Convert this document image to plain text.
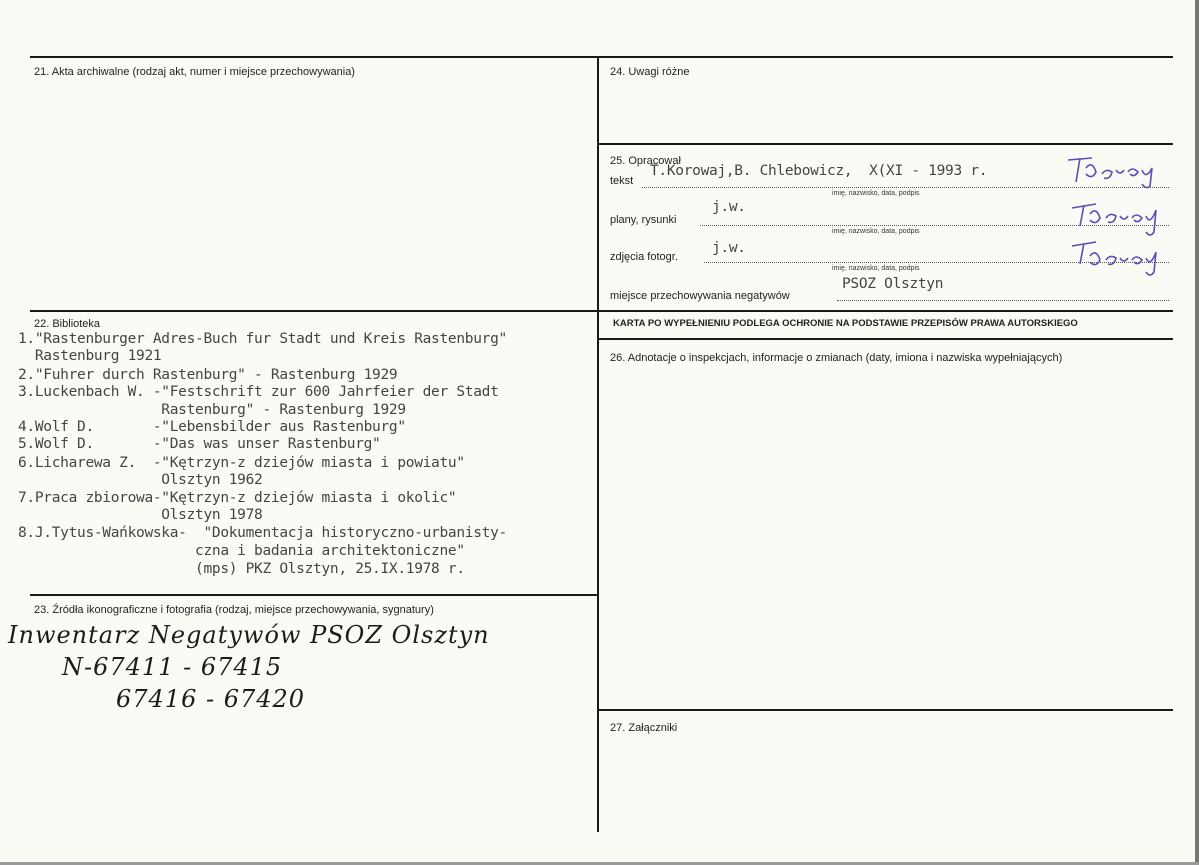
21. Akta archiwalne (rodzaj akt, numer i miejsce przechowywania)	24. Uwagi różne
25. Opracował
tekst
T.Korowaj,B. Chlebowicz,  X(XI - 1993 r.
imię, nazwisko, data, podpis
plany, rysunki
j.w.
imię, nazwisko, data, podpis
zdjęcia fotogr.
j.w.
imię, nazwisko, data, podpis
miejsce przechowywania negatywów
PSOZ Olsztyn
KARTA PO WYPEŁNIENIU PODLEGA OCHRONIE NA PODSTAWIE PRZEPISÓW PRAWA AUTORSKIEGO
22. Biblioteka
1."Rastenburger Adres-Buch fur Stadt und Kreis Rastenburg"
Rastenburg 1921
2."Fuhrer durch Rastenburg" - Rastenburg 1929
3.Luckenbach W. -"Festschrift zur 600 Jahrfeier der Stadt
Rastenburg" - Rastenburg 1929
4.Wolf D.       -"Lebensbilder aus Rastenburg"
5.Wolf D.       -"Das was unser Rastenburg"
6.Licharewa Z.  -"Kętrzyn-z dziejów miasta i powiatu"
Olsztyn 1962
7.Praca zbiorowa-"Kętrzyn-z dziejów miasta i okolic"
Olsztyn 1978
8.J.Tytus-Wańkowska-  "Dokumentacja historyczno-urbanisty-
czna i badania architektoniczne"
(mps) PKZ Olsztyn, 25.IX.1978 r.
23. Źródła ikonograficzne i fotografia (rodzaj, miejsce przechowywania, sygnatury)
Inwentarz Negatywów PSOZ Olsztyn
N-67411 - 67415
67416 - 67420
26. Adnotacje o inspekcjach, informacje o zmianach (daty, imiona i nazwiska wypełniających)
27. Załączniki
